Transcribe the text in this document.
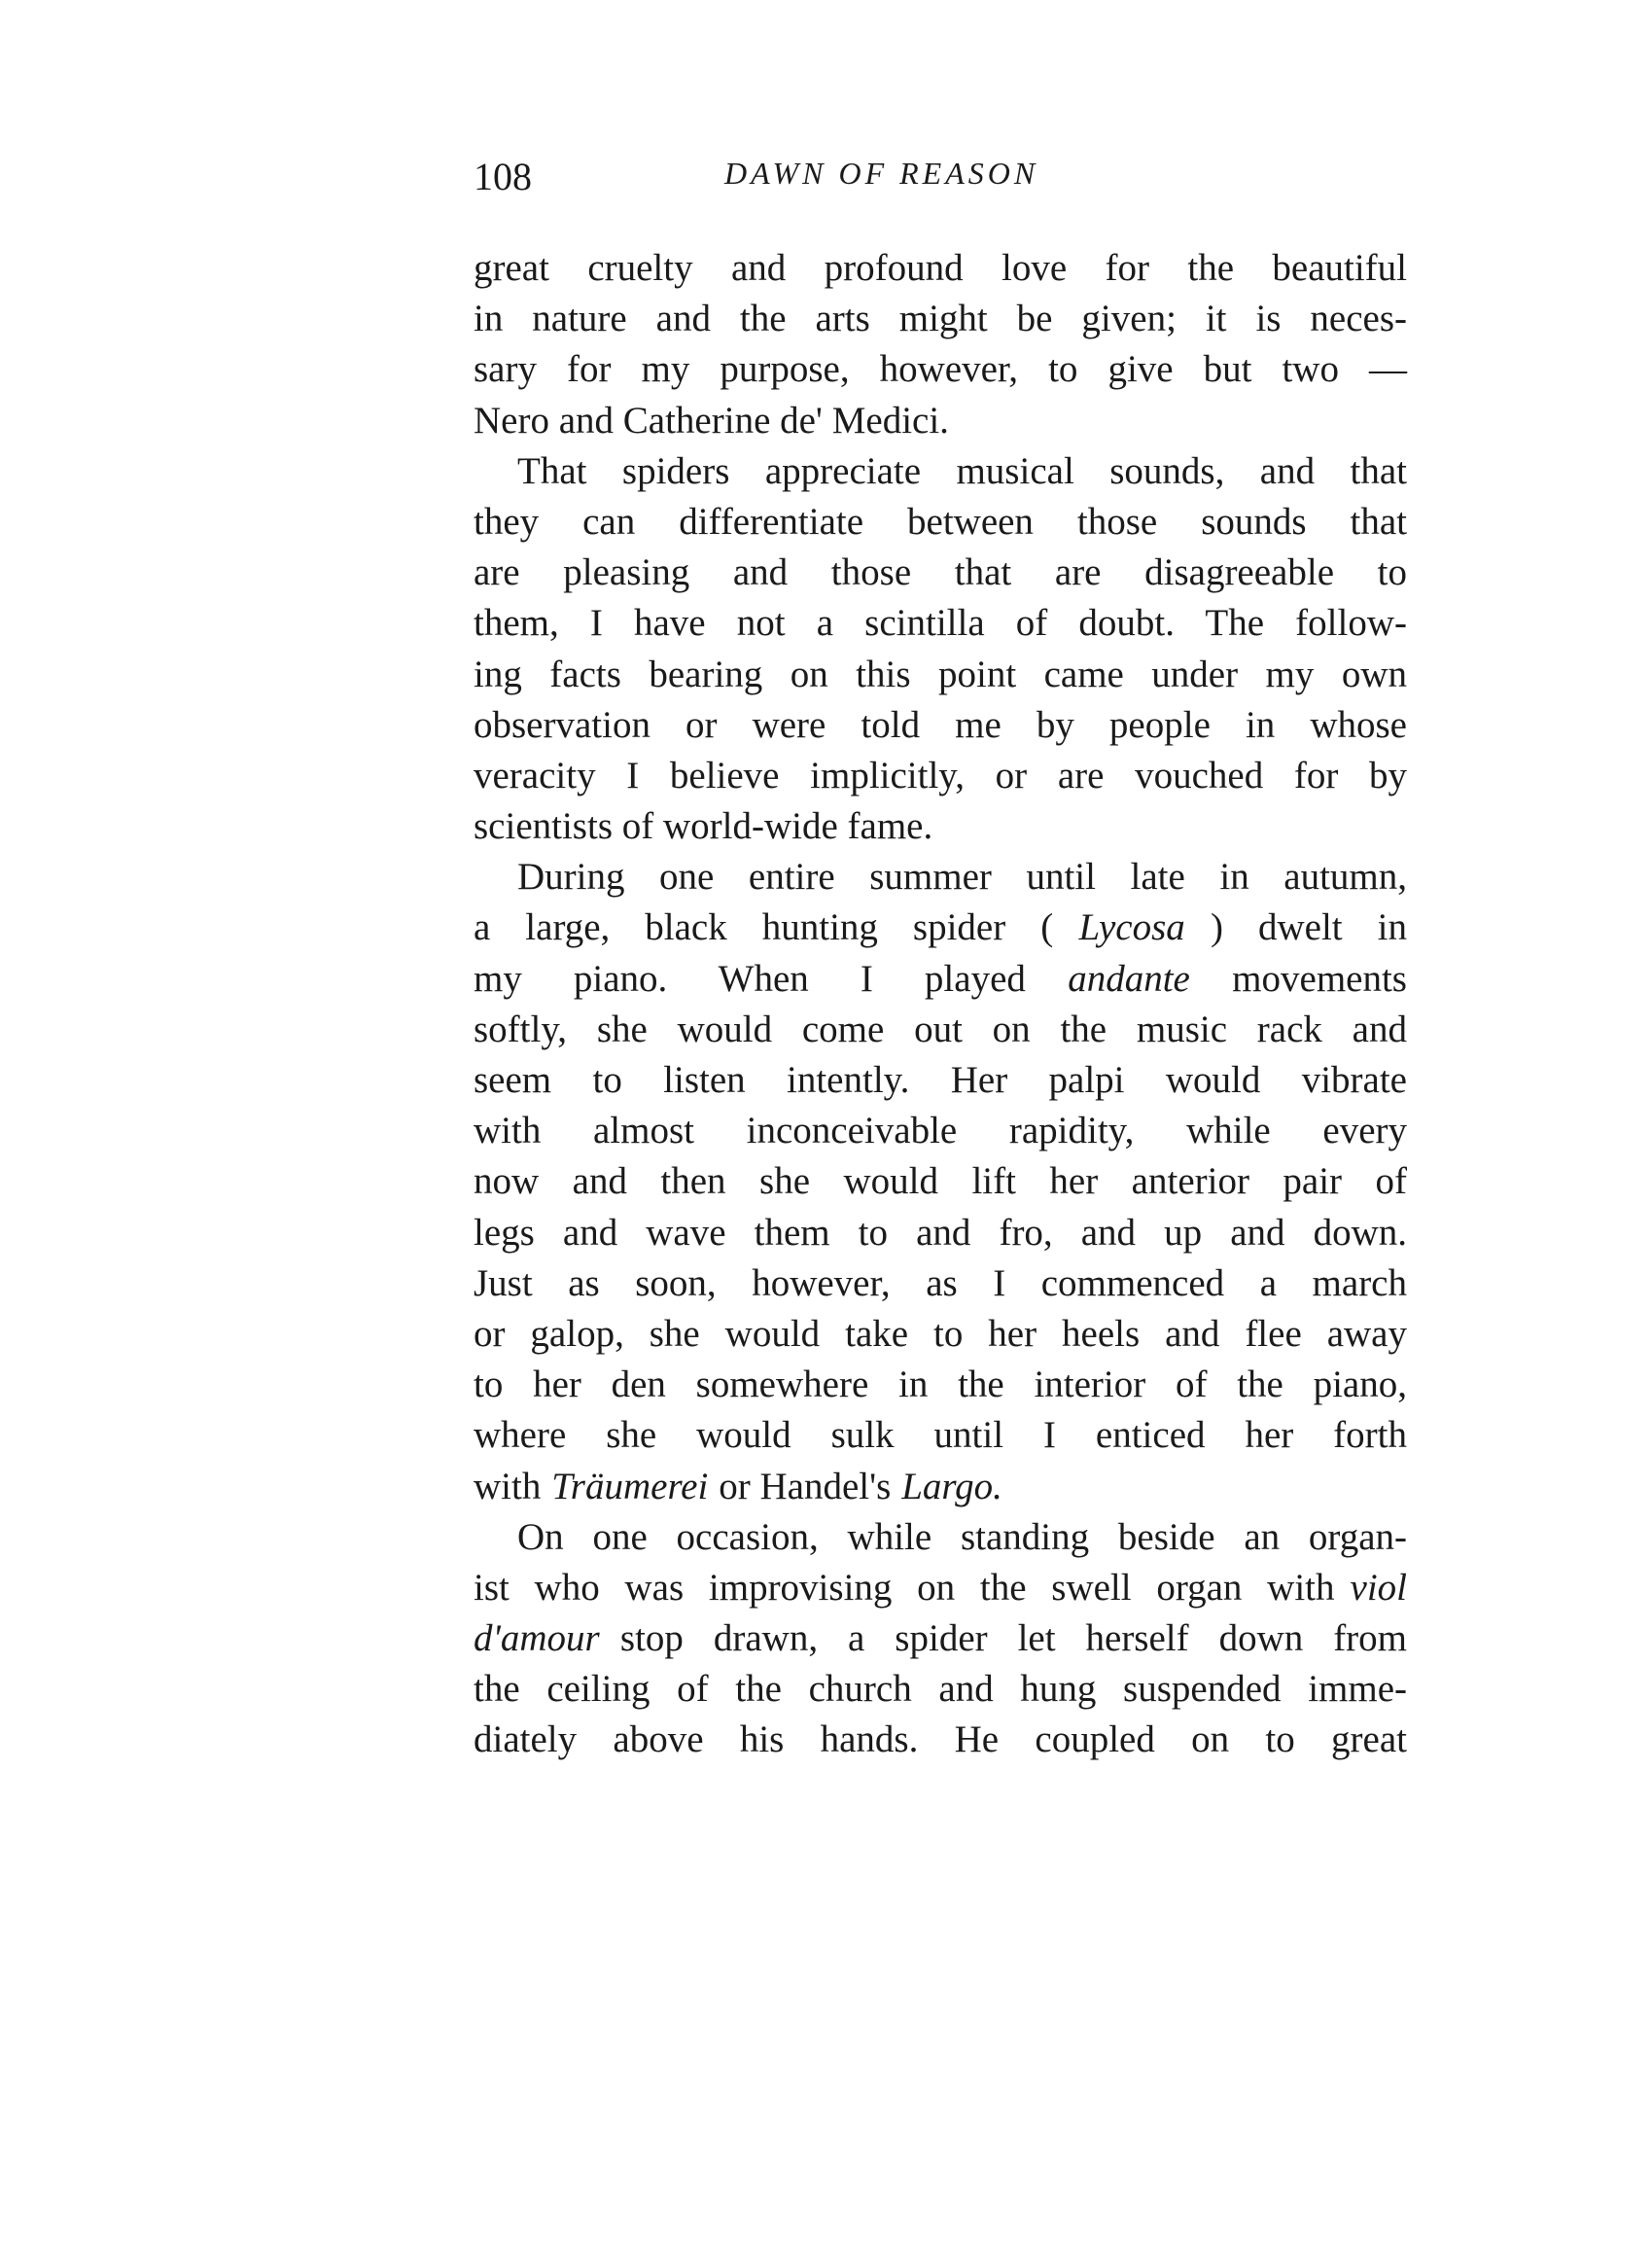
108	DAWN OF REASON
great cruelty and profound love for the beautiful
in nature and the arts might be given; it is neces-
sary for my purpose, however, to give but two —
Nero and Catherine de' Medici.
That spiders appreciate musical sounds, and that
they can differentiate between those sounds that
are pleasing and those that are disagreeable to
them, I have not a scintilla of doubt. The follow-
ing facts bearing on this point came under my own
observation or were told me by people in whose
veracity I believe implicitly, or are vouched for by
scientists of world-wide fame.
During one entire summer until late in autumn,
a large, black hunting spider ( Lycosa ) dwelt in
my piano. When I played andante movements
softly, she would come out on the music rack and
seem to listen intently. Her palpi would vibrate
with almost inconceivable rapidity, while every
now and then she would lift her anterior pair of
legs and wave them to and fro, and up and down.
Just as soon, however, as I commenced a march
or galop, she would take to her heels and flee away
to her den somewhere in the interior of the piano,
where she would sulk until I enticed her forth
with Träumerei or Handel's Largo.
On one occasion, while standing beside an organ-
ist who was improvising on the swell organ with viol
d'amour stop drawn, a spider let herself down from
the ceiling of the church and hung suspended imme-
diately above his hands. He coupled on to great
